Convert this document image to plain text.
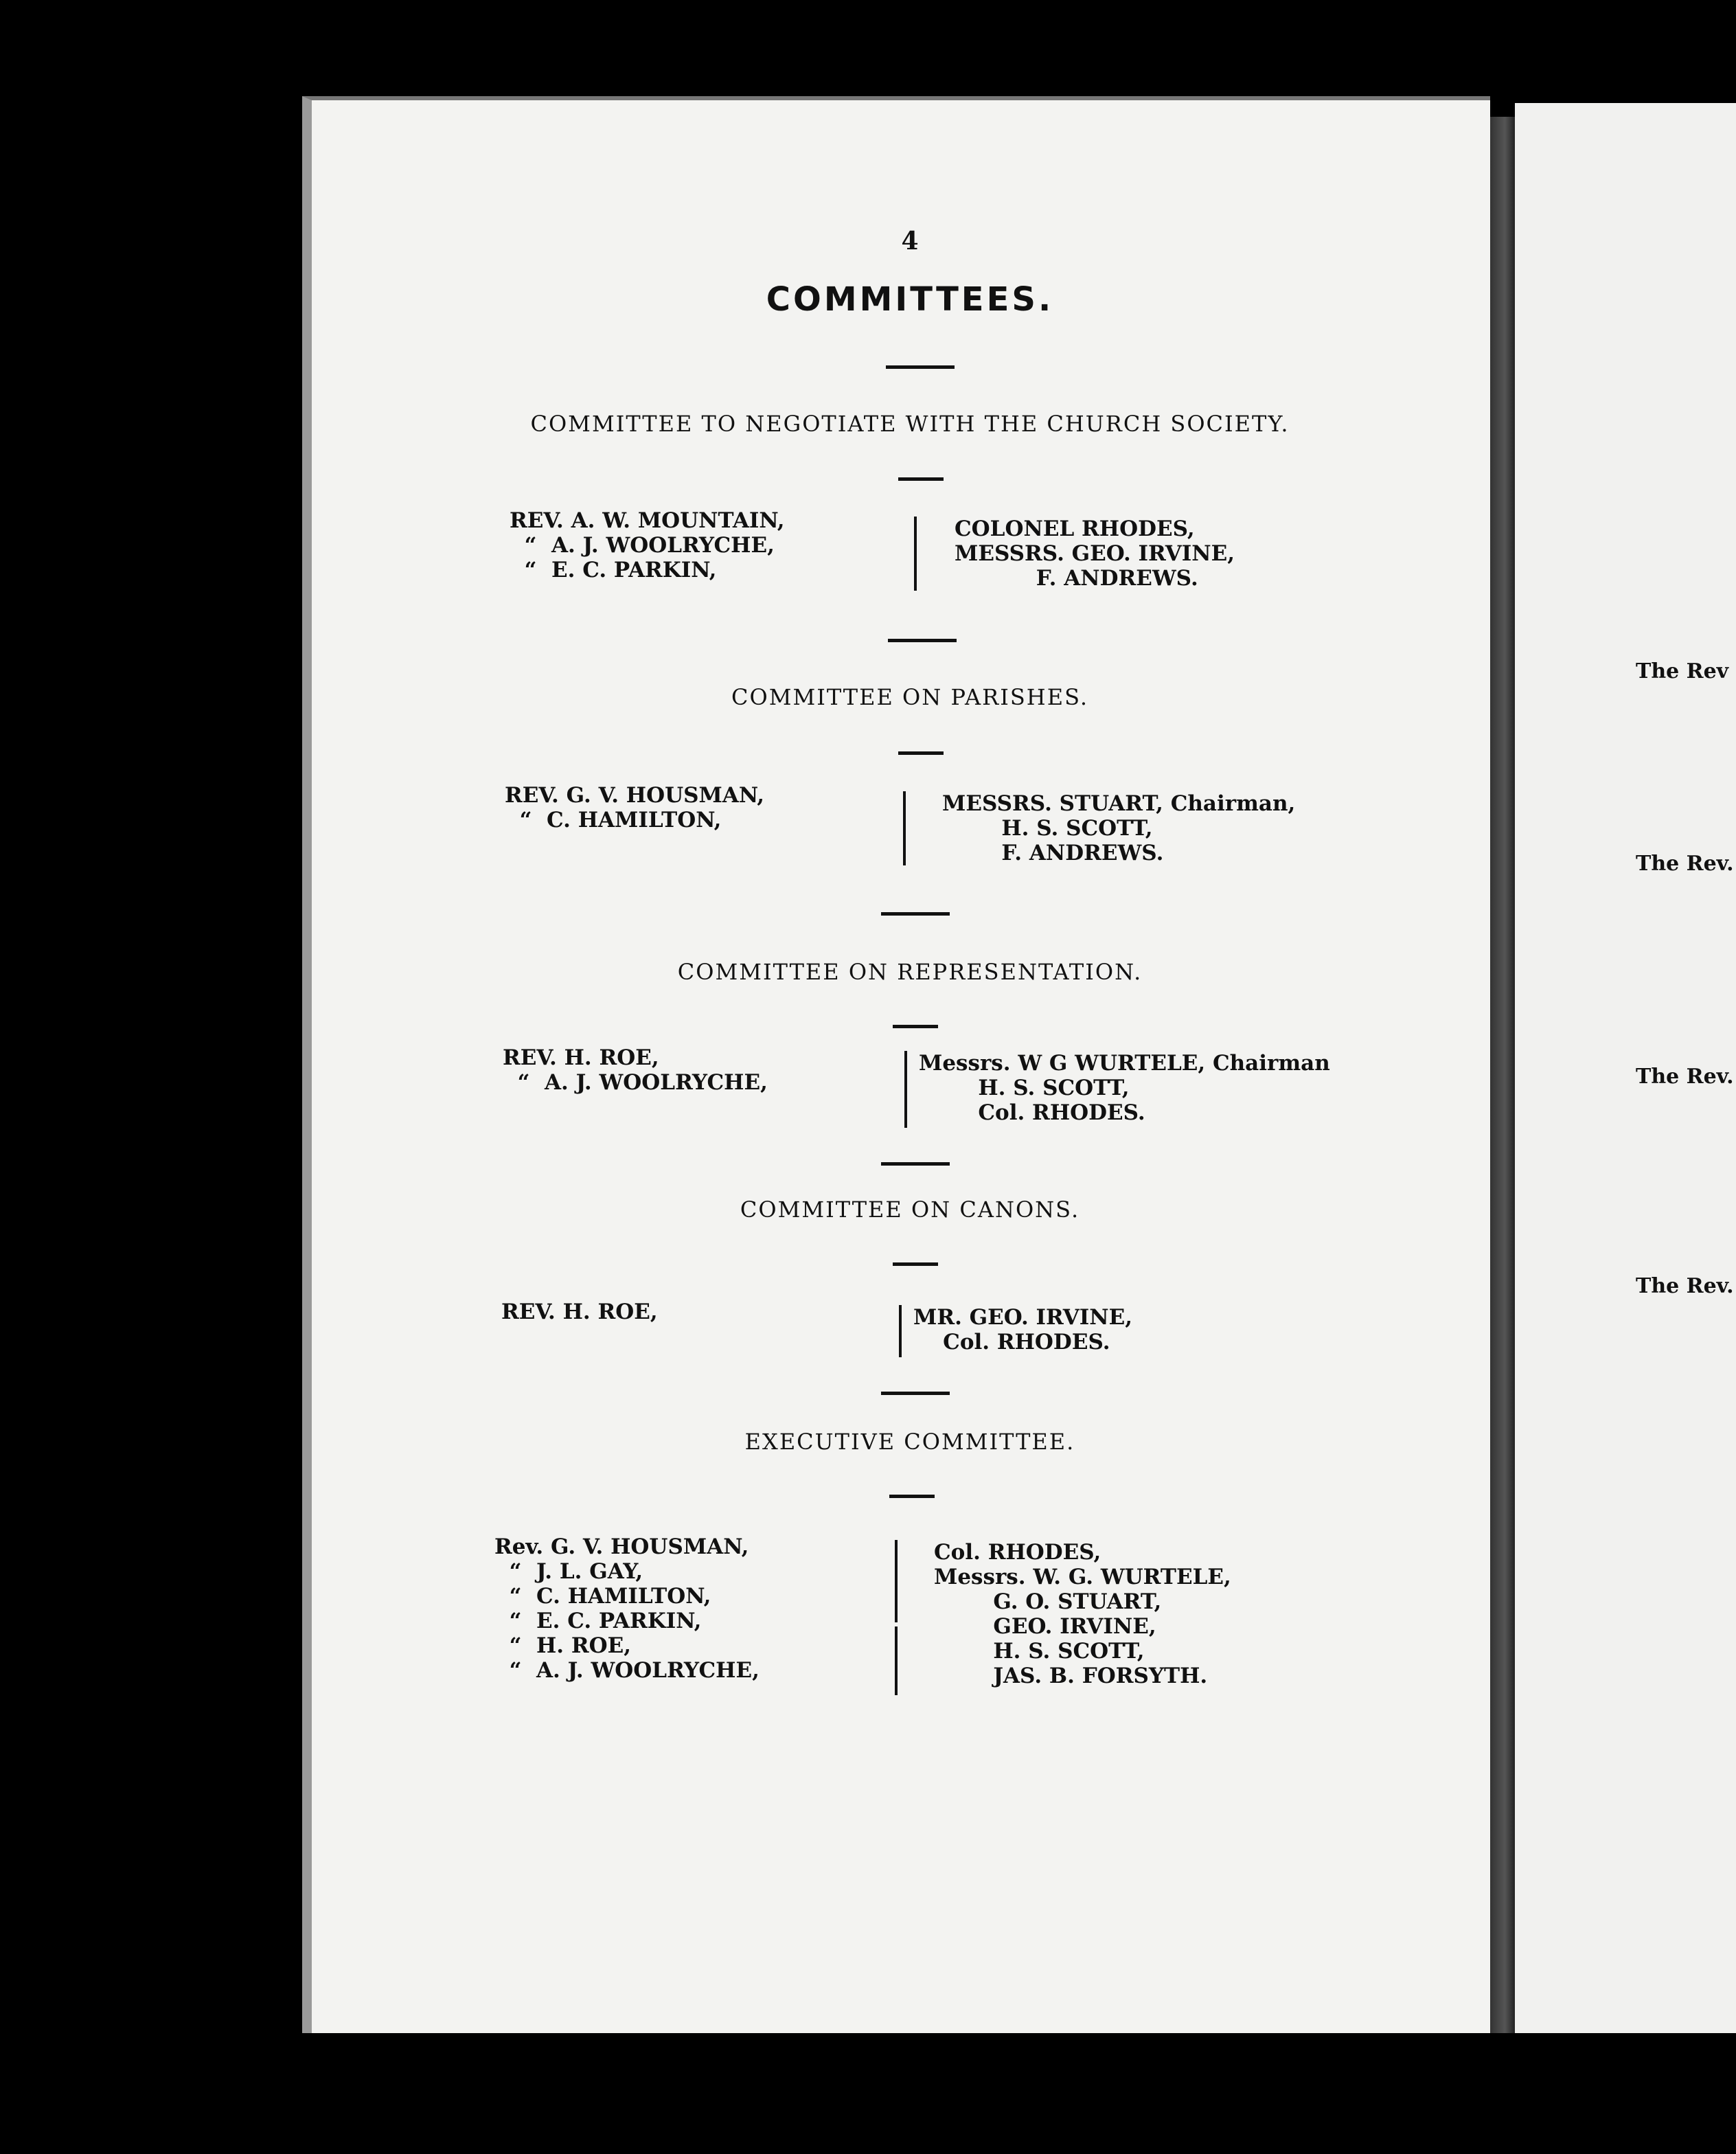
The Rev
The Rev.
The Rev.
The Rev.
4
COMMITTEES.
COMMITTEE TO NEGOTIATE WITH THE CHURCH SOCIETY.
REV. A. W. MOUNTAIN,
“  A. J. WOOLRYCHE,
“  E. C. PARKIN,
COLONEL RHODES,
MESSRS. GEO. IRVINE,
F. ANDREWS.
COMMITTEE ON PARISHES.
REV. G. V. HOUSMAN,
“  C. HAMILTON,
MESSRS. STUART, Chairman,
H. S. SCOTT,
F. ANDREWS.
COMMITTEE ON REPRESENTATION.
REV. H. ROE,
“  A. J. WOOLRYCHE,
Messrs. W G WURTELE, Chairman
H. S. SCOTT,
Col. RHODES.
COMMITTEE ON CANONS.
REV. H. ROE,	MR. GEO. IRVINE,
Col. RHODES.
EXECUTIVE COMMITTEE.
Rev. G. V. HOUSMAN,
“  J. L. GAY,
“  C. HAMILTON,
“  E. C. PARKIN,
“  H. ROE,
“  A. J. WOOLRYCHE,
Col. RHODES,
Messrs. W. G. WURTELE,
G. O. STUART,
GEO. IRVINE,
H. S. SCOTT,
JAS. B. FORSYTH.
